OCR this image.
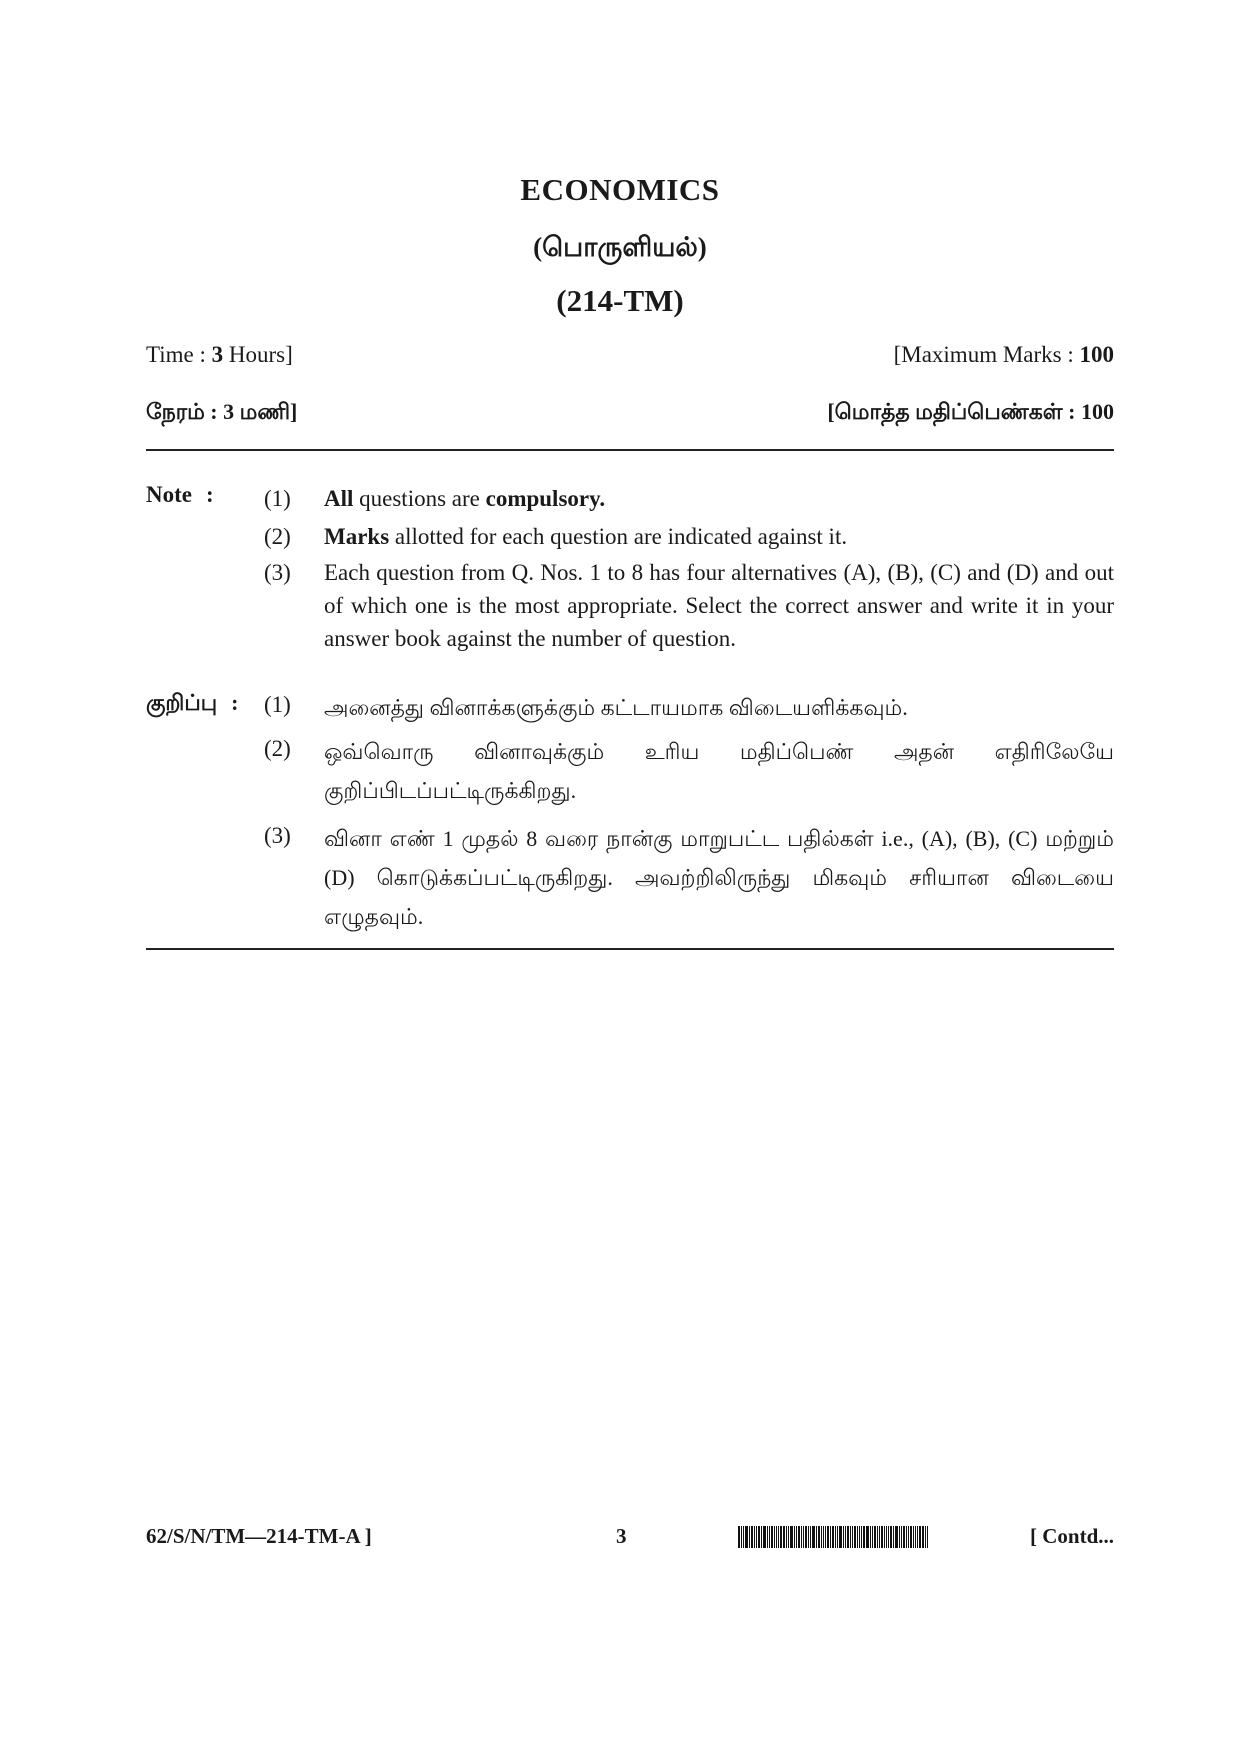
ECONOMICS
(பொருளியல்)
(214-TM)
Time : 3 Hours]	[Maximum Marks : 100
நேரம் : 3 மணி]	[மொத்த மதிப்பெண்கள் : 100
Note : (1)	All questions are compulsory.
(2)	Marks allotted for each question are indicated against it.
(3)	Each question from Q. Nos. 1 to 8 has four alternatives (A), (B), (C) and (D) and out of which one is the most appropriate. Select the correct answer and write it in your answer book against the number of question.
குறிப்பு : (1)	அனைத்து வினாக்களுக்கும் கட்டாயமாக விடையளிக்கவும்.
(2)	ஒவ்வொரு வினாவுக்கும் உரிய மதிப்பெண் அதன் எதிரிலேயே குறிப்பிடப்பட்டிருக்கிறது.
(3)	வினா எண் 1 முதல் 8 வரை நான்கு மாறுபட்ட பதில்கள் i.e., (A), (B), (C) மற்றும் (D) கொடுக்கப்பட்டிருகிறது. அவற்றிலிருந்து மிகவும் சரியான விடையை எழுதவும்.
62/S/N/TM—214-TM-A ]	3	[ Contd...
